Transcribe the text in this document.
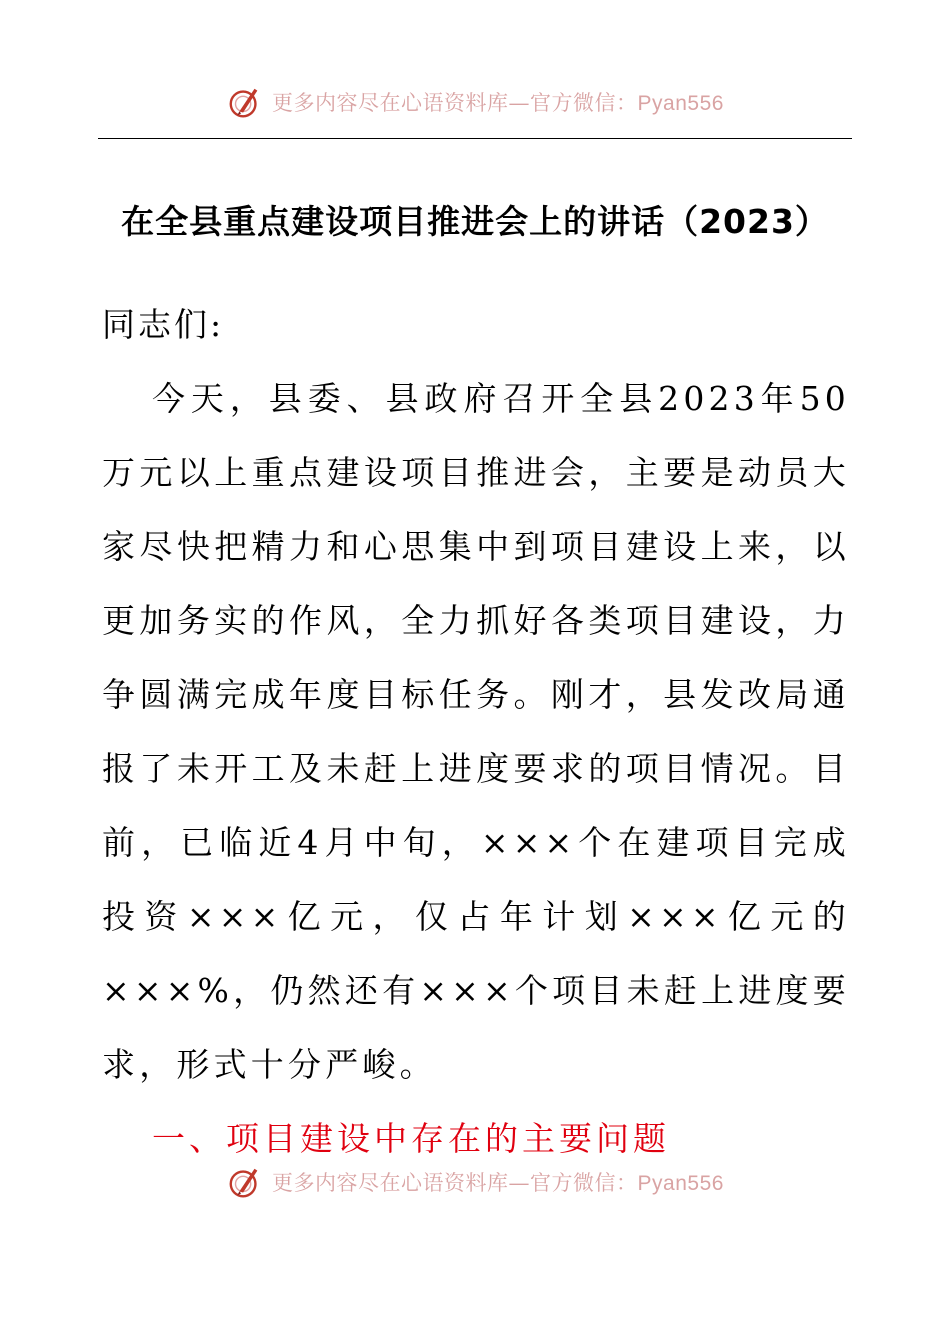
更多内容尽在心语资料库—官方微信：Pyan556
在全县重点建设项目推进会上的讲话（2023）

同志们:

今天，县委、县政府召开全县2023年50万元以上重点建设项目推进会，主要是动员大家尽快把精力和心思集中到项目建设上来，以更加务实的作风，全力抓好各类项目建设，力争圆满完成年度目标任务。刚才，县发改局通报了未开工及未赶上进度要求的项目情况。目前，已临近4月中旬，×××个在建项目完成投资×××亿元，仅占年计划×××亿元的×××%，仍然还有×××个项目未赶上进度要求，形式十分严峻。

一、项目建设中存在的主要问题

更多内容尽在心语资料库—官方微信：Pyan556
